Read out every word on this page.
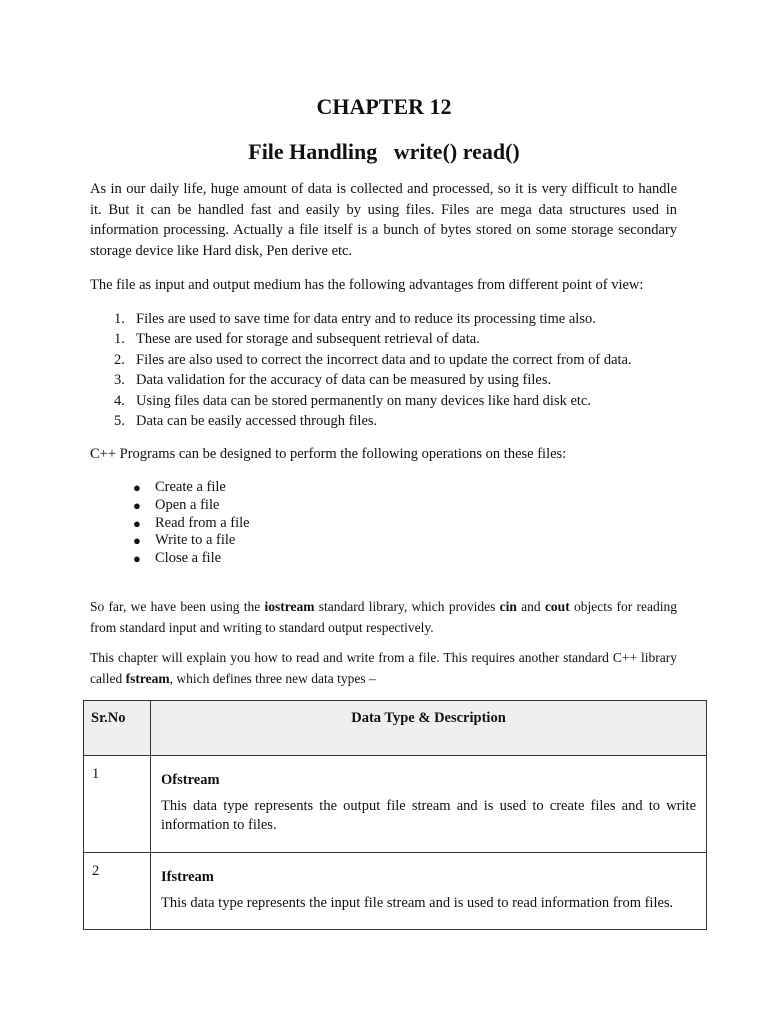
CHAPTER 12
File Handling   write() read()

As in our daily life, huge amount of data is collected and processed, so it is very difficult to handle it. But it can be handled fast and easily by using files. Files are mega data structures used in information processing. Actually a file itself is a bunch of bytes stored on some storage secondary storage device like Hard disk, Pen derive etc.

The file as input and output medium has the following advantages from different point of view:

1. Files are used to save time for data entry and to reduce its processing time also.
1. These are used for storage and subsequent retrieval of data.
2. Files are also used to correct the incorrect data and to update the correct from of data.
3. Data validation for the accuracy of data can be measured by using files.
4. Using files data can be stored permanently on many devices like hard disk etc.
5. Data can be easily accessed through files.

C++ Programs can be designed to perform the following operations on these files:

● Create a file
● Open a file
● Read from a file
● Write to a file
● Close a file

So far, we have been using the iostream standard library, which provides cin and cout objects for reading from standard input and writing to standard output respectively.

This chapter will explain you how to read and write from a file. This requires another standard C++ library called fstream, which defines three new data types –

Sr.No	Data Type & Description
1	Ofstream
This data type represents the output file stream and is used to create files and to write information to files.

2	Ifstream
This data type represents the input file stream and is used to read information from files.
